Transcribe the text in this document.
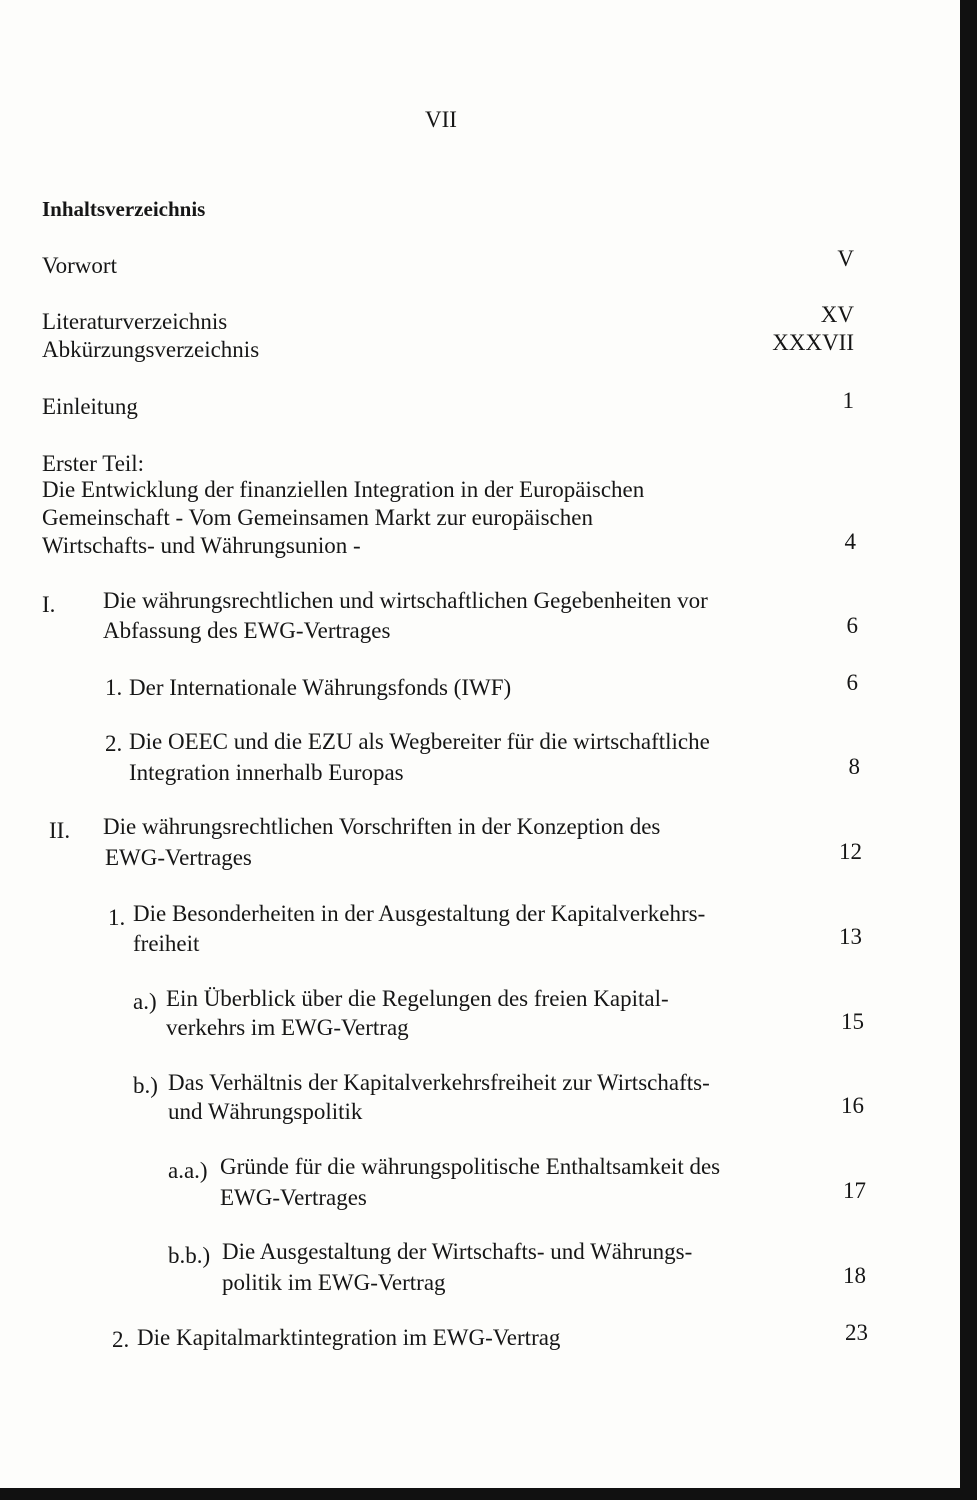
VII
Inhaltsverzeichnis
Vorwort	V
Literaturverzeichnis	XV
Abkürzungsverzeichnis	XXXVII
Einleitung	1
Erster Teil:
Die Entwicklung der finanziellen Integration in der Europäischen
Gemeinschaft - Vom Gemeinsamen Markt zur europäischen
Wirtschafts- und Währungsunion -	4
I. Die währungsrechtlichen und wirtschaftlichen Gegebenheiten vor
Abfassung des EWG-Vertrages	6
1. Der Internationale Währungsfonds (IWF)	6
2. Die OEEC und die EZU als Wegbereiter für die wirtschaftliche
Integration innerhalb Europas	8
II. Die währungsrechtlichen Vorschriften in der Konzeption des
EWG-Vertrages	12
1. Die Besonderheiten in der Ausgestaltung der Kapitalverkehrs-
freiheit	13
a.) Ein Überblick über die Regelungen des freien Kapital-
verkehrs im EWG-Vertrag	15
b.) Das Verhältnis der Kapitalverkehrsfreiheit zur Wirtschafts-
und Währungspolitik	16
a.a.) Gründe für die währungspolitische Enthaltsamkeit des
EWG-Vertrages	17
b.b.) Die Ausgestaltung der Wirtschafts- und Währungs-
politik im EWG-Vertrag	18
2. Die Kapitalmarktintegration im EWG-Vertrag	23
